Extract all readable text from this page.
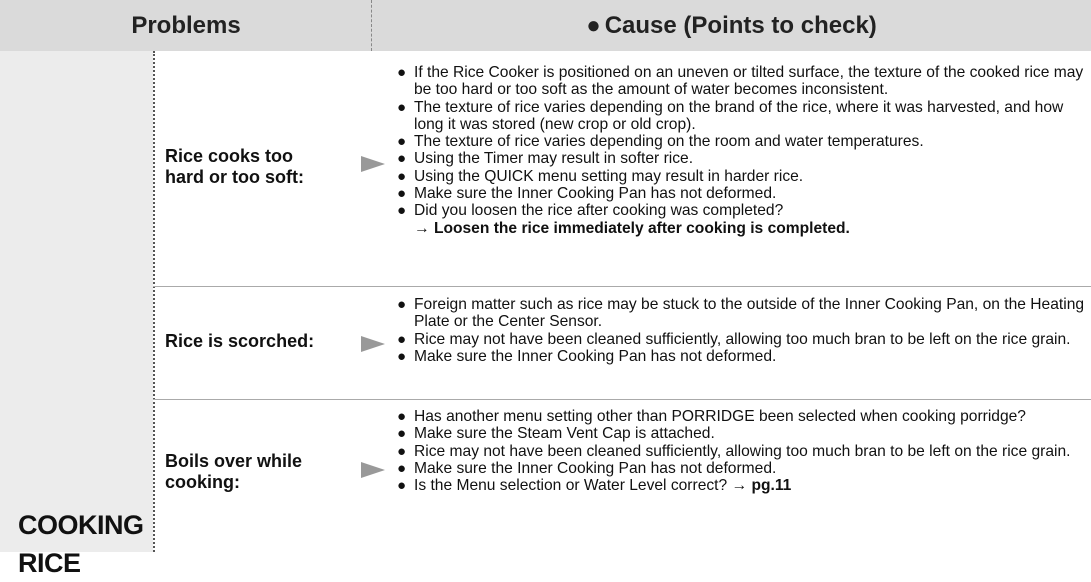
Problems	● Cause (Points to check)
COOKING
RICE
Rice cooks too
hard or too soft:
● If the Rice Cooker is positioned on an uneven or tilted surface, the texture of the cooked rice may be too hard or too soft as the amount of water becomes inconsistent.
● The texture of rice varies depending on the brand of the rice, where it was harvested, and how long it was stored (new crop or old crop).
● The texture of rice varies depending on the room and water temperatures.
● Using the Timer may result in softer rice.
● Using the QUICK menu setting may result in harder rice.
● Make sure the Inner Cooking Pan has not deformed.
● Did you loosen the rice after cooking was completed?
→ Loosen the rice immediately after cooking is completed.
Rice is scorched:
● Foreign matter such as rice may be stuck to the outside of the Inner Cooking Pan, on the Heating Plate or the Center Sensor.
● Rice may not have been cleaned sufficiently, allowing too much bran to be left on the rice grain.
● Make sure the Inner Cooking Pan has not deformed.
Boils over while
cooking:
● Has another menu setting other than PORRIDGE been selected when cooking porridge?
● Make sure the Steam Vent Cap is attached.
● Rice may not have been cleaned sufficiently, allowing too much bran to be left on the rice grain.
● Make sure the Inner Cooking Pan has not deformed.
● Is the Menu selection or Water Level correct? → pg.11
